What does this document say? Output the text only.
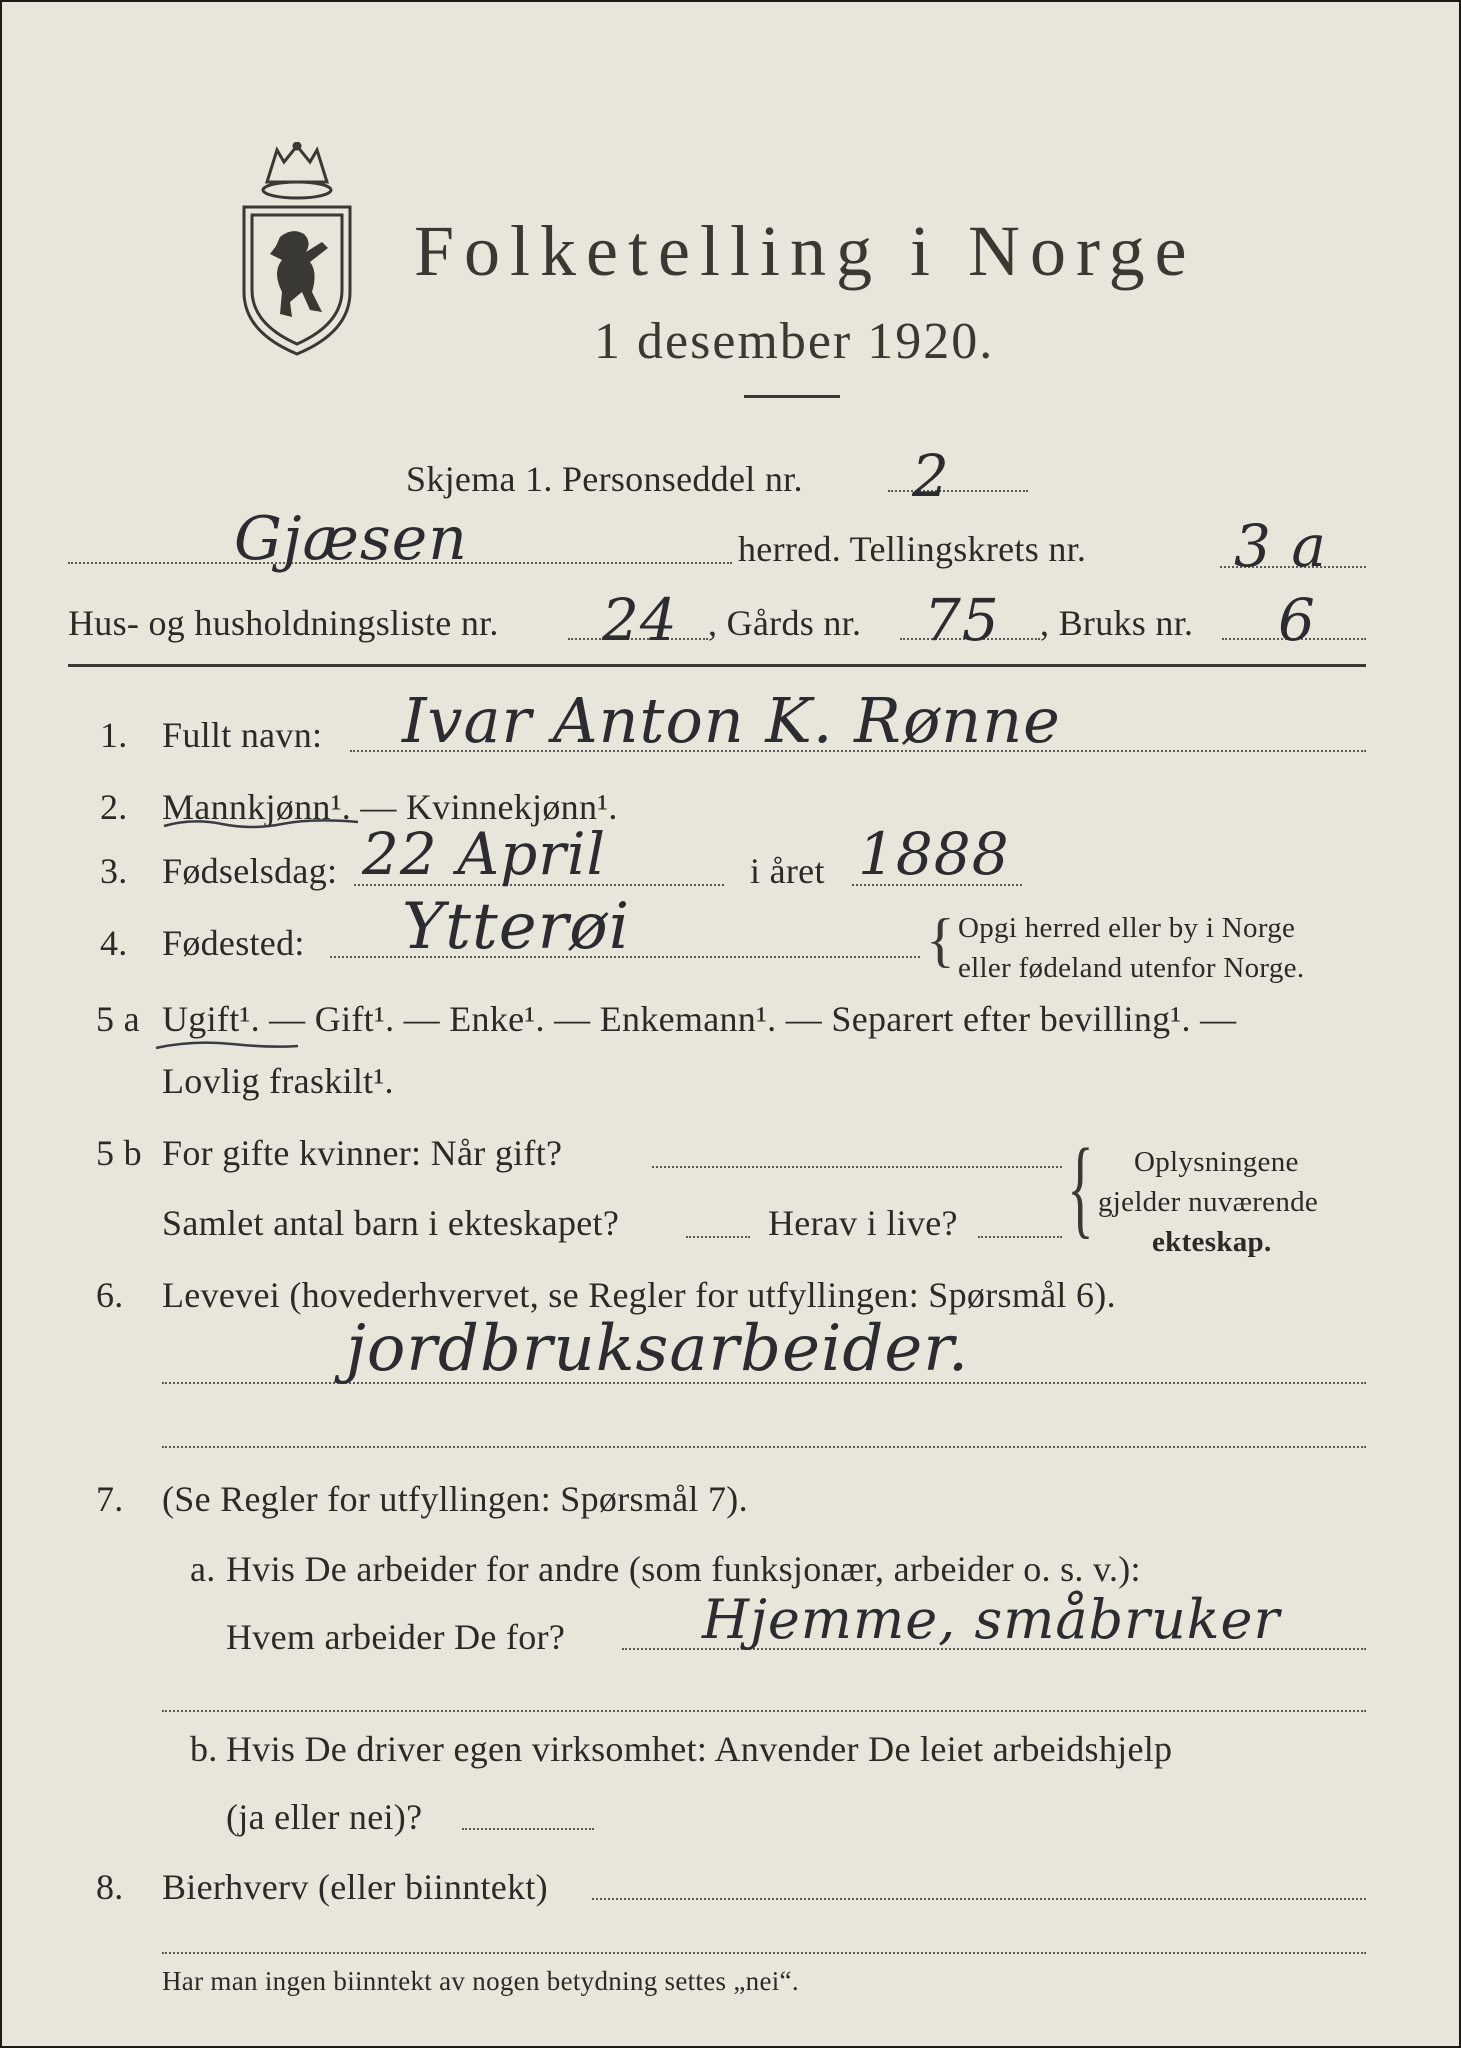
Folketelling i Norge
1 desember 1920.
Skjema 1. Personseddel nr. 2
Gjæsen	herred. Tellingskrets nr.	3 a
Hus- og husholdningsliste nr. 24 , Gårds nr. 75 , Bruks nr. 6
1. Fullt navn: Ivar Anton K. Rønne
2. Mannkjønn¹. — Kvinnekjønn¹.
3. Fødselsdag: 22 April	i året 1888
4. Fødested: Ytterøi	{ Opgi herred eller by i Norge
eller fødeland utenfor Norge.
5 a Ugift¹. — Gift¹. — Enke¹. — Enkemann¹. — Separert efter bevilling¹. —
Lovlig fraskilt¹.
5 b For gifte kvinner: Når gift?
Samlet antal barn i ekteskapet?	Herav i live? { Oplysningene
gjelder nuværende
ekteskap.
6. Levevei (hovederhvervet, se Regler for utfyllingen: Spørsmål 6).
jordbruksarbeider.
7. (Se Regler for utfyllingen: Spørsmål 7).
a. Hvis De arbeider for andre (som funksjonær, arbeider o. s. v.):
Hvem arbeider De for?	Hjemme, småbruker
b. Hvis De driver egen virksomhet: Anvender De leiet arbeidshjelp
(ja eller nei)?
8. Bierhverv (eller biinntekt)
Har man ingen biinntekt av nogen betydning settes „nei“.
